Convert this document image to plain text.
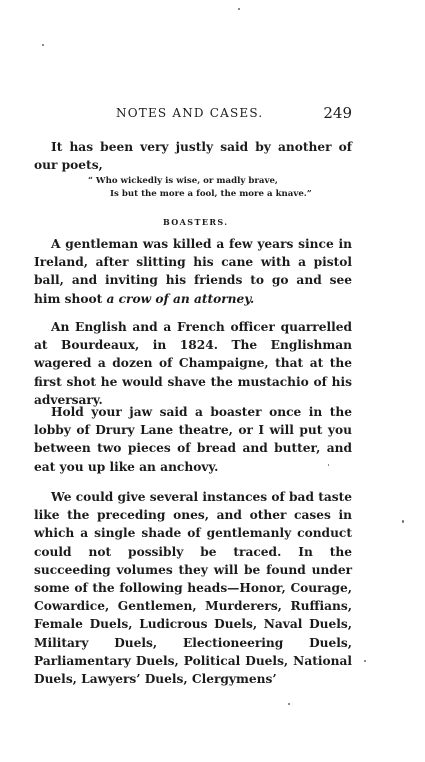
NOTES AND CASES.	249

It has been very justly said by another of our poets,

“ Who wickedly is wise, or madly brave,

Is but the more a fool, the more a knave.”

BOASTERS.

A gentleman was killed a few years since in Ireland, after slitting his cane with a pistol ball, and inviting his friends to go and see him shoot a crow of an attorney.

An English and a French officer quarrelled at Bourdeaux, in 1824. The Englishman wagered a dozen of Champaigne, that at the first shot he would shave the mustachio of his adversary.

Hold your jaw said a boaster once in the lobby of Drury Lane theatre, or I will put you between two pieces of bread and butter, and eat you up like an anchovy.

We could give several instances of bad taste like the preceding ones, and other cases in which a single shade of gentlemanly conduct could not possibly be traced. In the succeeding volumes they will be found under some of the following heads—Honor, Courage, Cowardice, Gentlemen, Murderers, Ruffians, Female Duels, Ludicrous Duels, Naval Duels, Military Duels, Electioneering Duels, Parliamentary Duels, Political Duels, National Duels, Lawyers’ Duels, Clergymens’
